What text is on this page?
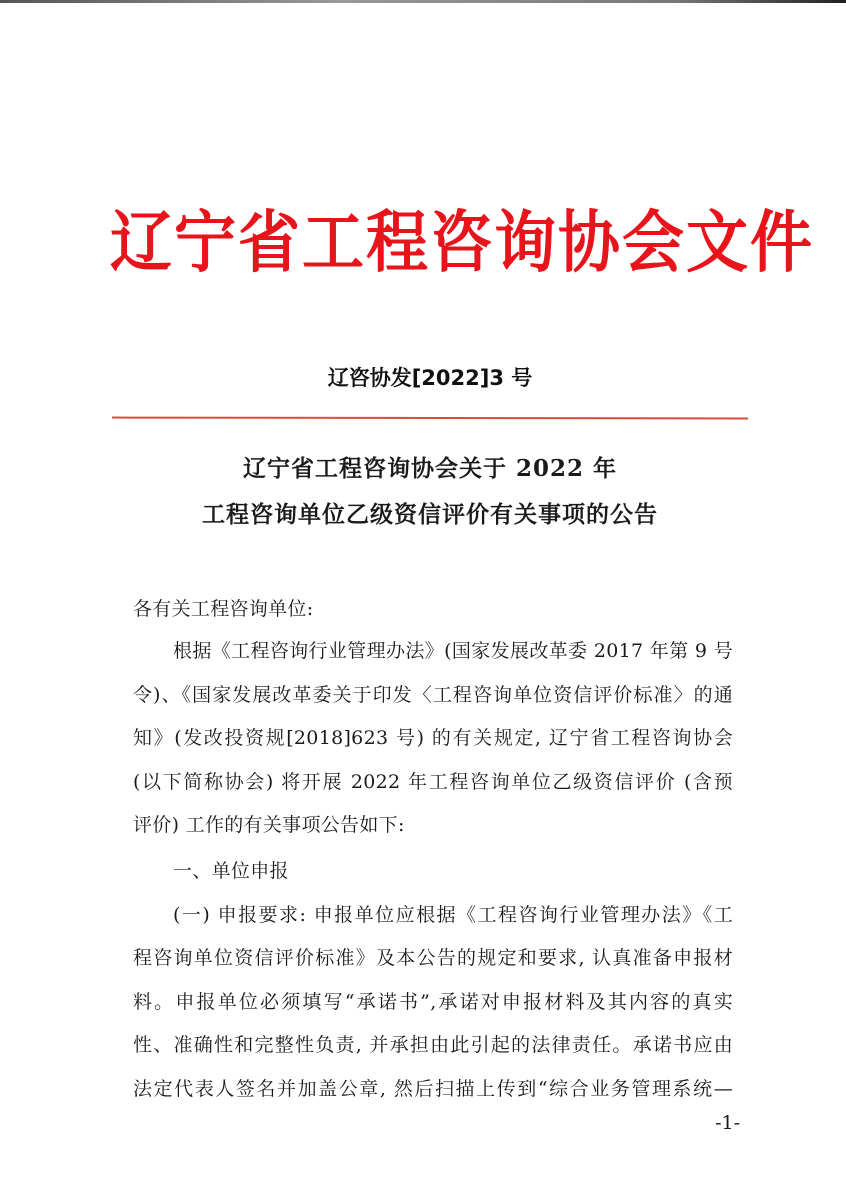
辽宁省工程咨询协会文件
辽咨协发[2022]3 号
辽宁省工程咨询协会关于 2022 年
工程咨询单位乙级资信评价有关事项的公告
各有关工程咨询单位:
根据《工程咨询行业管理办法》(国家发展改革委 2017 年第 9 号
令)、《国家发展改革委关于印发〈工程咨询单位资信评价标准〉的通
知》(发改投资规[2018]623 号) 的有关规定, 辽宁省工程咨询协会
(以下简称协会) 将开展 2022 年工程咨询单位乙级资信评价 (含预
评价) 工作的有关事项公告如下:
一、单位申报
(一) 申报要求: 申报单位应根据《工程咨询行业管理办法》《工
程咨询单位资信评价标准》及本公告的规定和要求, 认真准备申报材
料。申报单位必须填写“承诺书”,承诺对申报材料及其内容的真实
性、准确性和完整性负责, 并承担由此引起的法律责任。承诺书应由
法定代表人签名并加盖公章, 然后扫描上传到“综合业务管理系统—
-1-
